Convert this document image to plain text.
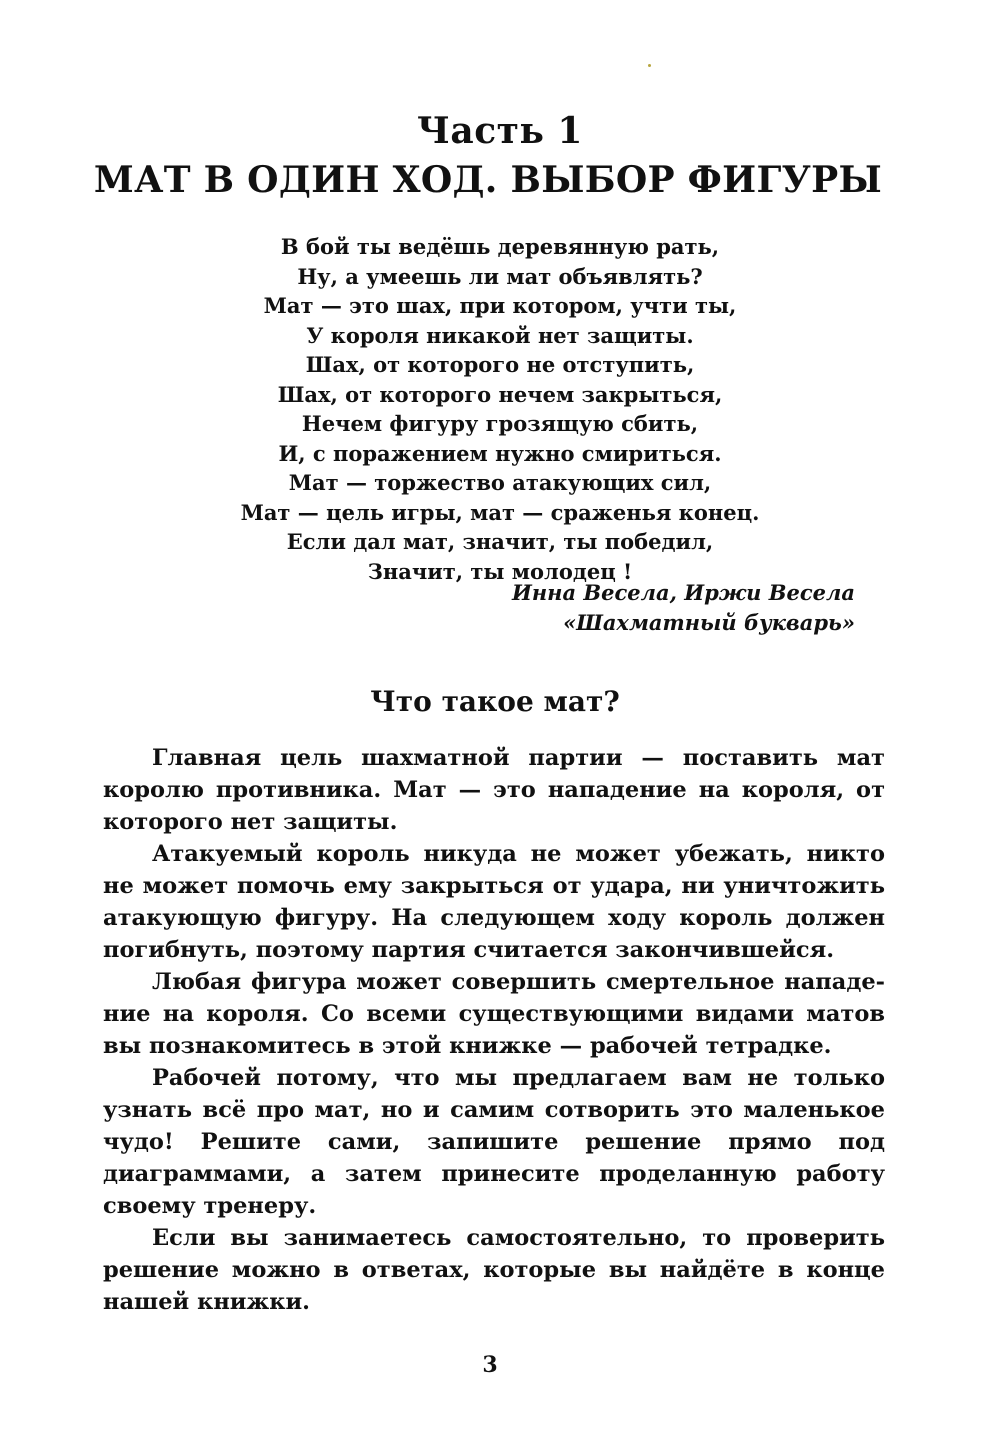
Часть 1
МАТ В ОДИН ХОД. ВЫБОР ФИГУРЫ
В бой ты ведёшь деревянную рать,
Ну, а умеешь ли мат объявлять?
Мат — это шах, при котором, учти ты,
У короля никакой нет защиты.
Шах, от которого не отступить,
Шах, от которого нечем закрыться,
Нечем фигуру грозящую сбить,
И, с поражением нужно смириться.
Мат — торжество атакующих сил,
Мат — цель игры, мат — сраженья конец.
Если дал мат, значит, ты победил,
Значит, ты молодец !
Инна Весела, Иржи Весела
«Шахматный букварь»
Что такое мат?

Главная цель шахматной партии — поставить мат королю противника. Мат — это нападение на короля, от которого нет защиты.

Атакуемый король никуда не может убежать, никто не может помочь ему закрыться от удара, ни уничтожить атакующую фигуру. На следующем ходу король должен погибнуть, поэтому партия считается закончившейся.

Любая фигура может совершить смертельное нападение на короля. Со всеми существующими видами матов вы познакомитесь в этой книжке — рабочей тетрадке.

Рабочей потому, что мы предлагаем вам не только узнать всё про мат, но и самим сотворить это маленькое чудо! Решите сами, запишите решение прямо под диаграммами, а затем принесите проделанную работу своему тренеру.

Если вы занимаетесь самостоятельно, то проверить решение можно в ответах, которые вы найдёте в конце нашей книжки.

3
